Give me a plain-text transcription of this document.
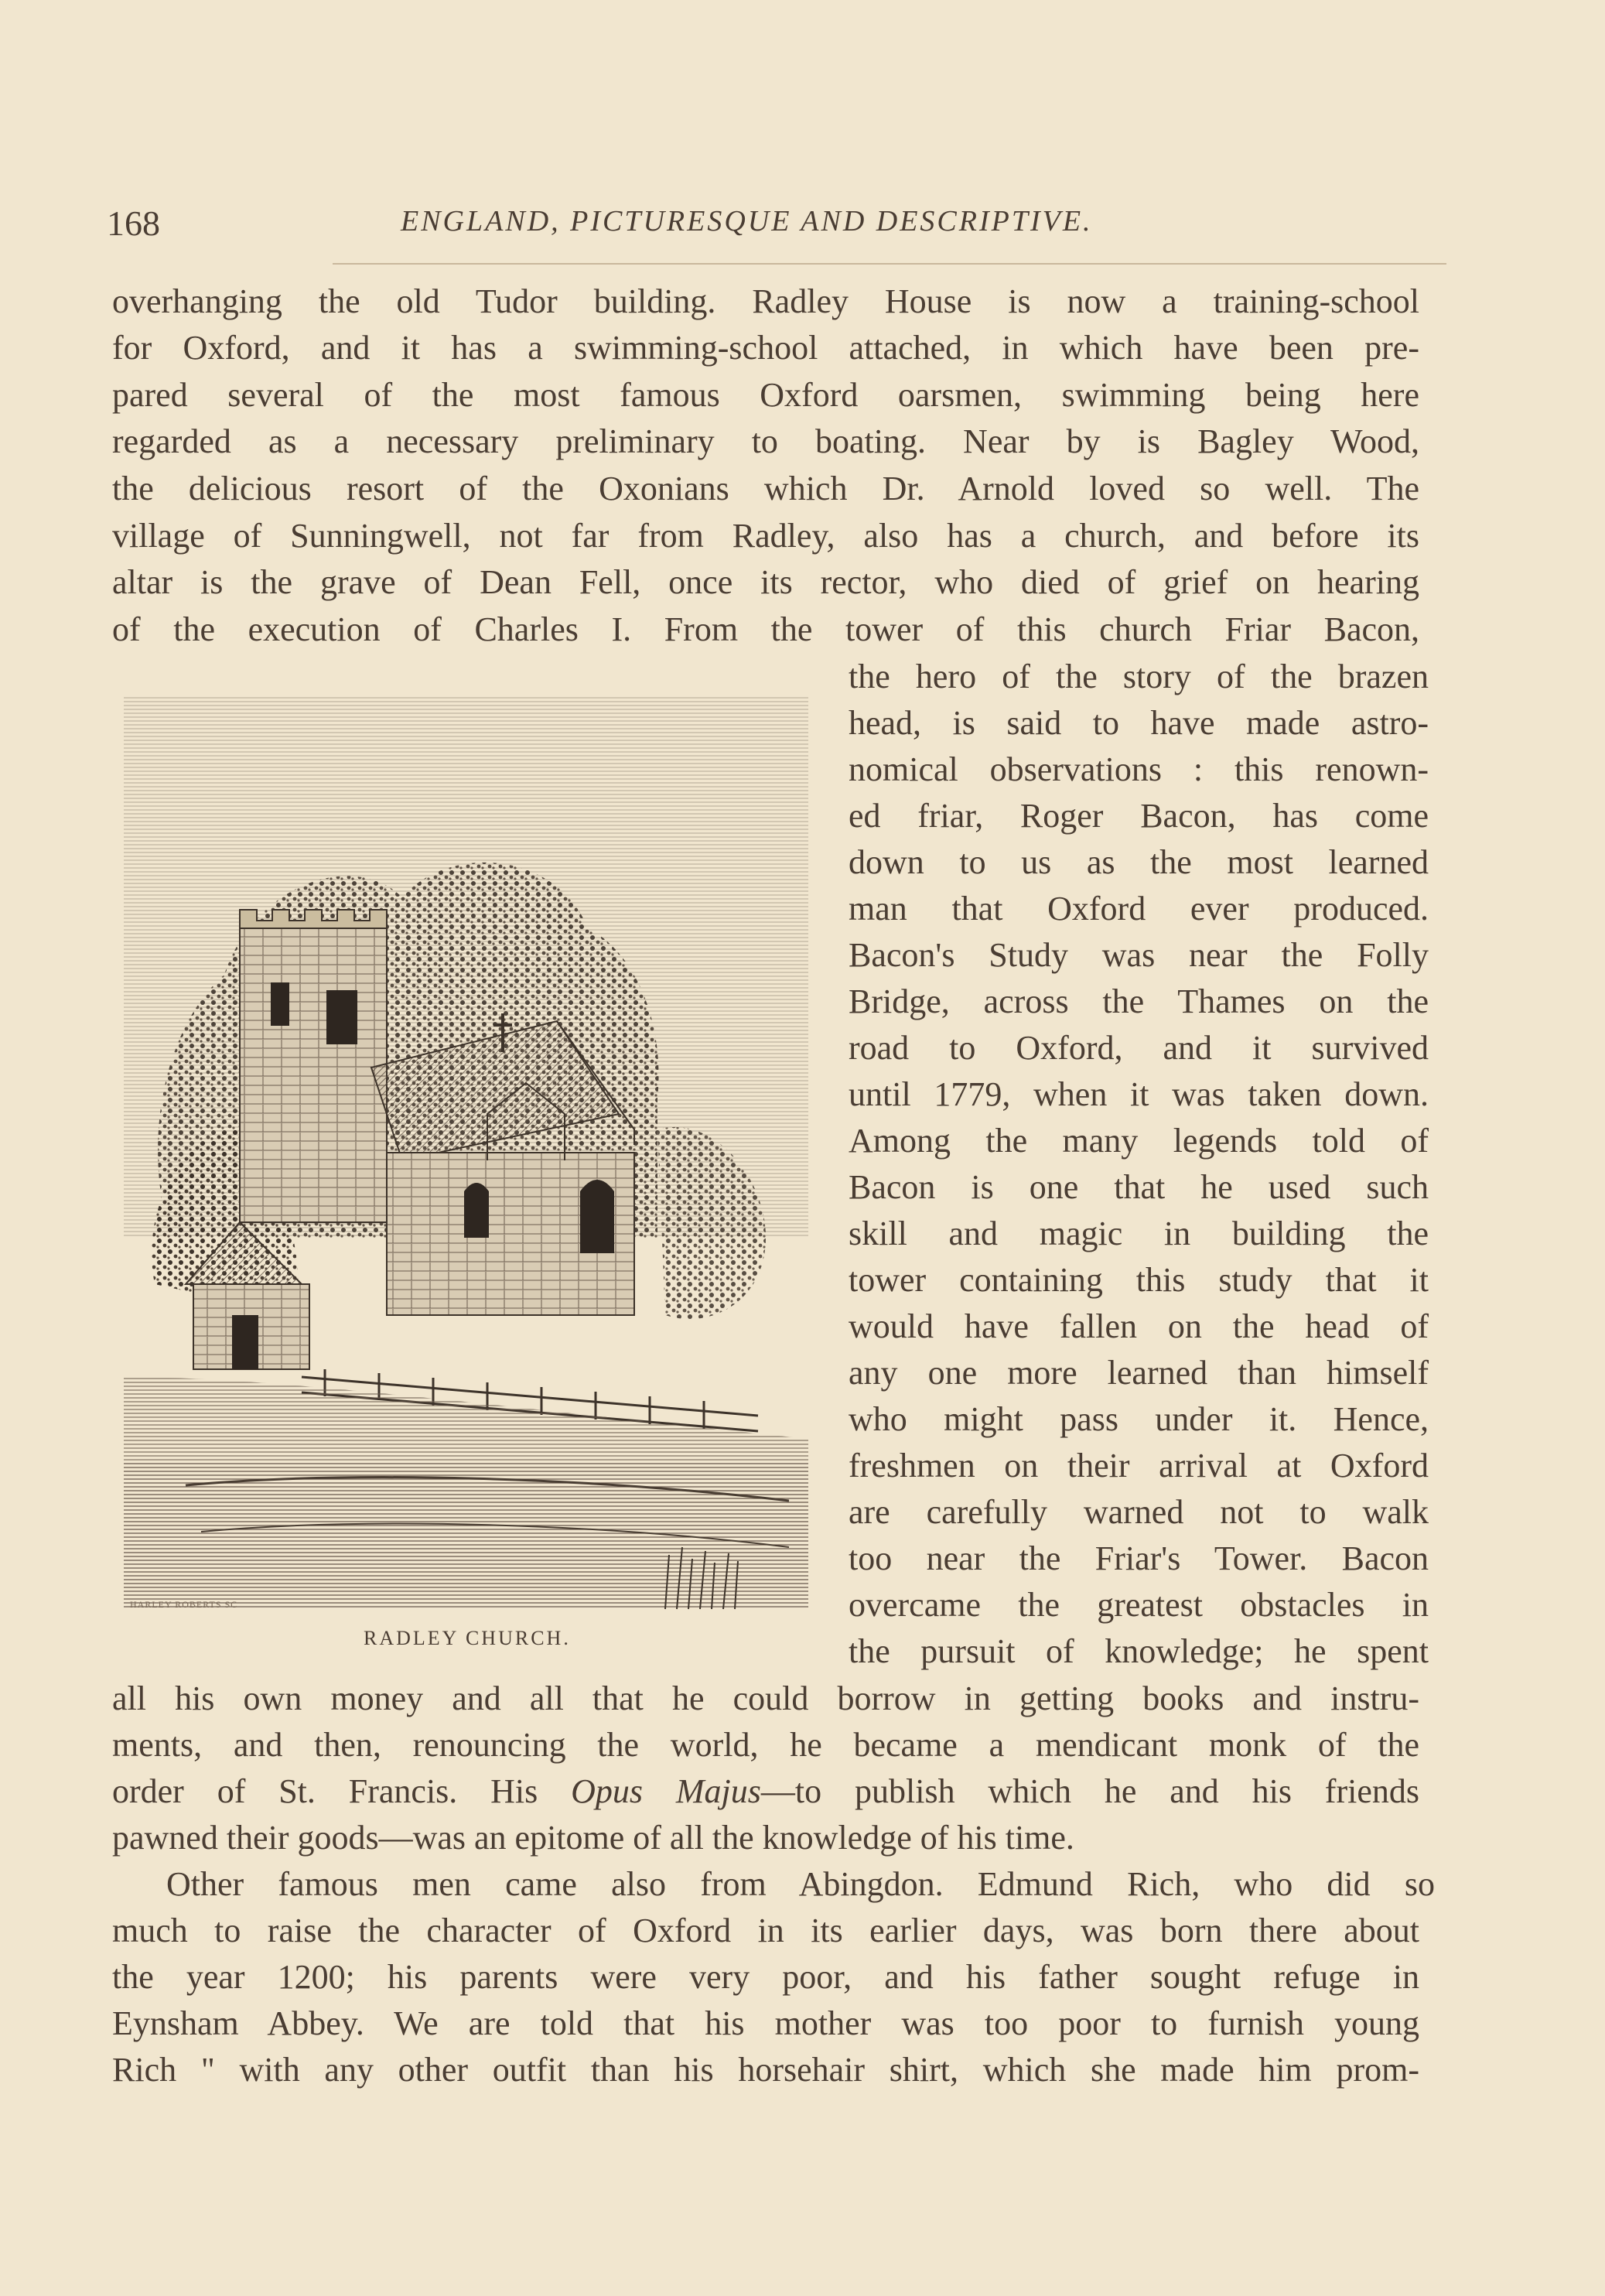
168	ENGLAND, PICTURESQUE AND DESCRIPTIVE.
overhanging the old Tudor building. Radley House is now a training-school
for Oxford, and it has a swimming-school attached, in which have been pre-
pared several of the most famous Oxford oarsmen, swimming being here
regarded as a necessary preliminary to boating. Near by is Bagley Wood,
the delicious resort of the Oxonians which Dr. Arnold loved so well. The
village of Sunningwell, not far from Radley, also has a church, and before its
altar is the grave of Dean Fell, once its rector, who died of grief on hearing
of the execution of Charles I. From the tower of this church Friar Bacon,
HARLEY ROBERTS SC
RADLEY CHURCH.
the hero of the story of the brazen
head, is said to have made astro-
nomical observations : this renown-
ed friar, Roger Bacon, has come
down to us as the most learned
man that Oxford ever produced.
Bacon's Study was near the Folly
Bridge, across the Thames on the
road to Oxford, and it survived
until 1779, when it was taken down.
Among the many legends told of
Bacon is one that he used such
skill and magic in building the
tower containing this study that it
would have fallen on the head of
any one more learned than himself
who might pass under it. Hence,
freshmen on their arrival at Oxford
are carefully warned not to walk
too near the Friar's Tower. Bacon
overcame the greatest obstacles in
the pursuit of knowledge; he spent
all his own money and all that he could borrow in getting books and instru-
ments, and then, renouncing the world, he became a mendicant monk of the
order of St. Francis. His Opus Majus—to publish which he and his friends
pawned their goods—was an epitome of all the knowledge of his time.
Other famous men came also from Abingdon. Edmund Rich, who did so
much to raise the character of Oxford in its earlier days, was born there about
the year 1200; his parents were very poor, and his father sought refuge in
Eynsham Abbey. We are told that his mother was too poor to furnish young
Rich " with any other outfit than his horsehair shirt, which she made him prom-
